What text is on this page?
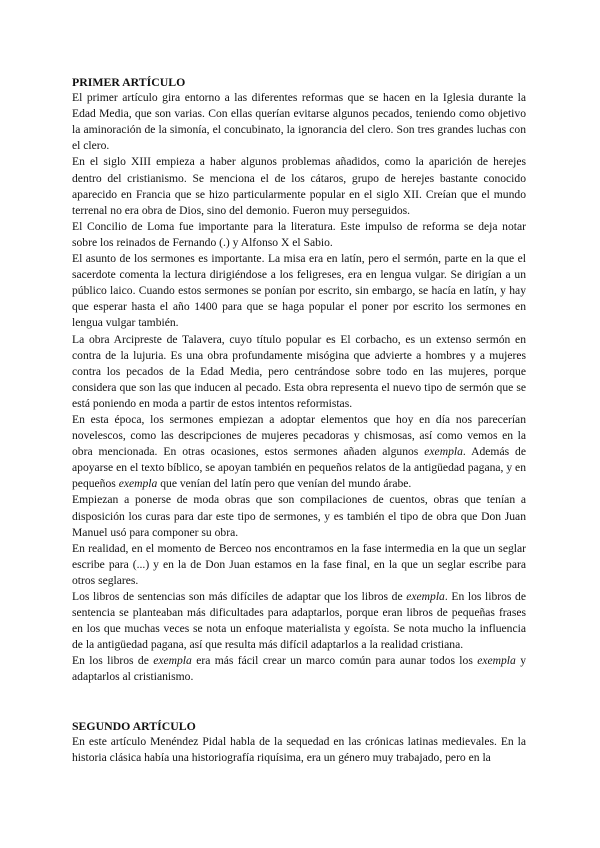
PRIMER ARTÍCULO

El primer artículo gira entorno a las diferentes reformas que se hacen en la Iglesia durante la Edad Media, que son varias. Con ellas querían evitarse algunos pecados, teniendo como objetivo la aminoración de la simonía, el concubinato, la ignorancia del clero. Son tres grandes luchas con el clero.

En el siglo XIII empieza a haber algunos problemas añadidos, como la aparición de herejes dentro del cristianismo. Se menciona el de los cátaros, grupo de herejes bastante conocido aparecido en Francia que se hizo particularmente popular en el siglo XII. Creían que el mundo terrenal no era obra de Dios, sino del demonio. Fueron muy perseguidos.

El Concilio de Loma fue importante para la literatura. Este impulso de reforma se deja notar sobre los reinados de Fernando (.) y Alfonso X el Sabio.

El asunto de los sermones es importante. La misa era en latín, pero el sermón, parte en la que el sacerdote comenta la lectura dirigiéndose a los feligreses, era en lengua vulgar. Se dirigían a un público laico. Cuando estos sermones se ponían por escrito, sin embargo, se hacía en latín, y hay que esperar hasta el año 1400 para que se haga popular el poner por escrito los sermones en lengua vulgar también.

La obra Arcipreste de Talavera, cuyo título popular es El corbacho, es un extenso sermón en contra de la lujuria. Es una obra profundamente misógina que advierte a hombres y a mujeres contra los pecados de la Edad Media, pero centrándose sobre todo en las mujeres, porque considera que son las que inducen al pecado. Esta obra representa el nuevo tipo de sermón que se está poniendo en moda a partir de estos intentos reformistas.

En esta época, los sermones empiezan a adoptar elementos que hoy en día nos parecerían novelescos, como las descripciones de mujeres pecadoras y chismosas, así como vemos en la obra mencionada. En otras ocasiones, estos sermones añaden algunos exempla. Además de apoyarse en el texto bíblico, se apoyan también en pequeños relatos de la antigüedad pagana, y en pequeños exempla que venían del latín pero que venían del mundo árabe.

Empiezan a ponerse de moda obras que son compilaciones de cuentos, obras que tenían a disposición los curas para dar este tipo de sermones, y es también el tipo de obra que Don Juan Manuel usó para componer su obra.

En realidad, en el momento de Berceo nos encontramos en la fase intermedia en la que un seglar escribe para (...) y en la de Don Juan estamos en la fase final, en la que un seglar escribe para otros seglares.

Los libros de sentencias son más difíciles de adaptar que los libros de exempla. En los libros de sentencia se planteaban más dificultades para adaptarlos, porque eran libros de pequeñas frases en los que muchas veces se nota un enfoque materialista y egoísta. Se nota mucho la influencia de la antigüedad pagana, así que resulta más difícil adaptarlos a la realidad cristiana.

En los libros de exempla era más fácil crear un marco común para aunar todos los exempla y adaptarlos al cristianismo.

SEGUNDO ARTÍCULO

En este artículo Menéndez Pidal habla de la sequedad en las crónicas latinas medievales. En la historia clásica había una historiografía riquísima, era un género muy trabajado, pero en la
